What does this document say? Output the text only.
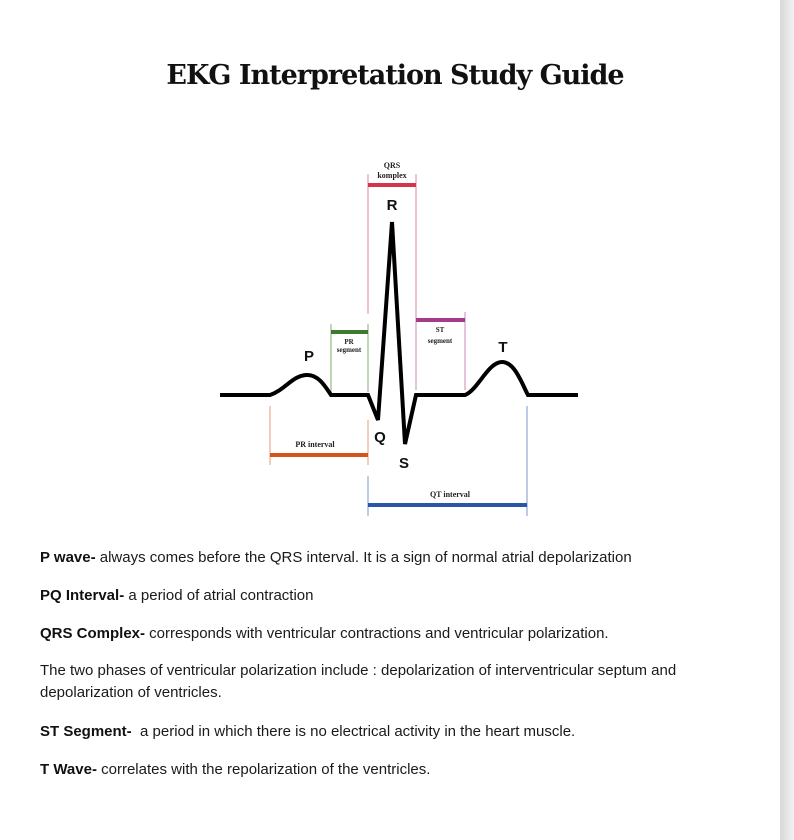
EKG Interpretation Study Guide
QRS
komplex
PR
segment
ST
segment
PR interval
QT interval
R
P
T
Q
S

P wave- always comes before the QRS interval. It is a sign of normal atrial depolarization

PQ Interval- a period of atrial contraction

QRS Complex- corresponds with ventricular contractions and ventricular polarization.

The two phases of ventricular polarization include : depolarization of interventricular septum and depolarization of ventricles.

ST Segment-  a period in which there is no electrical activity in the heart muscle.

T Wave- correlates with the repolarization of the ventricles.
